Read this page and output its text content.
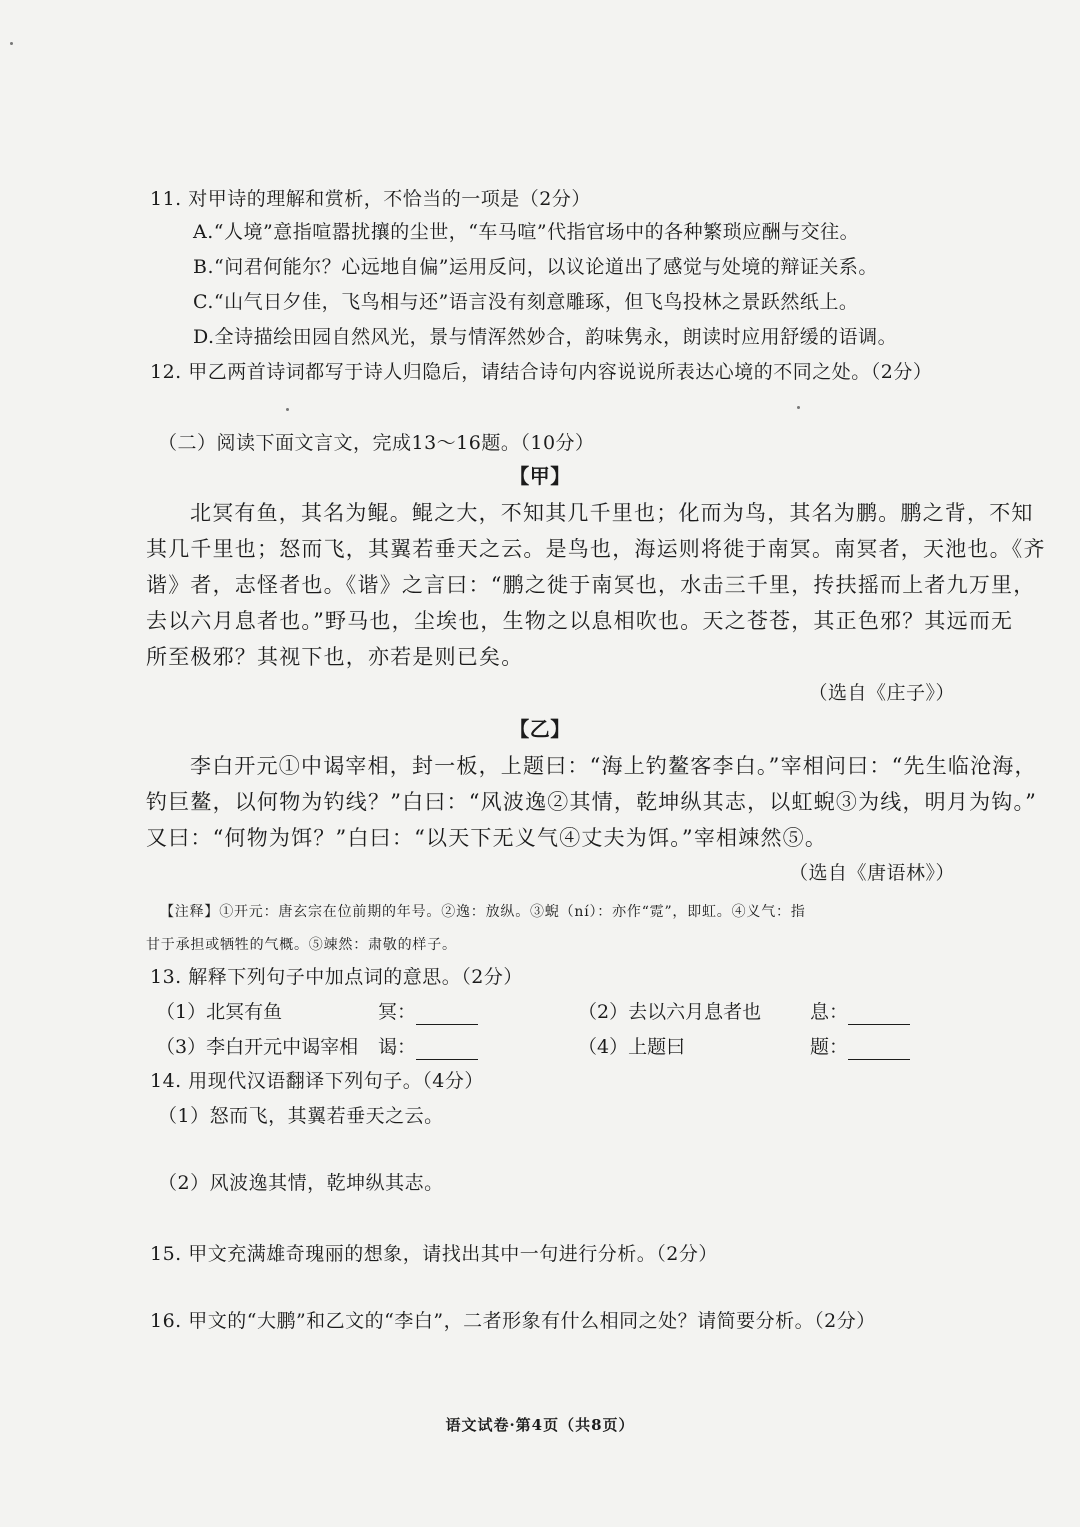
11. 对甲诗的理解和赏析，不恰当的一项是（2分）
A.“人境”意指喧嚣扰攘的尘世，“车马喧”代指官场中的各种繁琐应酬与交往。
B.“问君何能尔？心远地自偏”运用反问，以议论道出了感觉与处境的辩证关系。
C.“山气日夕佳，飞鸟相与还”语言没有刻意雕琢，但飞鸟投林之景跃然纸上。
D.全诗描绘田园自然风光，景与情浑然妙合，韵味隽永，朗读时应用舒缓的语调。
12. 甲乙两首诗词都写于诗人归隐后，请结合诗句内容说说所表达心境的不同之处。（2分）
（二）阅读下面文言文，完成13～16题。（10分）
【甲】
北冥有鱼，其名为鲲。鲲之大，不知其几千里也；化而为鸟，其名为鹏。鹏之背，不知
其几千里也；怒而飞，其翼若垂天之云。是鸟也，海运则将徙于南冥。南冥者，天池也。《齐
谐》者，志怪者也。《谐》之言曰：“鹏之徙于南冥也，水击三千里，抟扶摇而上者九万里，
去以六月息者也。”野马也，尘埃也，生物之以息相吹也。天之苍苍，其正色邪？其远而无
所至极邪？其视下也，亦若是则已矣。
（选自《庄子》）
【乙】
李白开元①中谒宰相，封一板，上题曰：“海上钓鳌客李白。”宰相问曰：“先生临沧海，
钓巨鳌，以何物为钓线？”白曰：“风波逸②其情，乾坤纵其志，以虹蜺③为线，明月为钩。”
又曰：“何物为饵？”白曰：“以天下无义气④丈夫为饵。”宰相竦然⑤。
（选自《唐语林》）
【注释】①开元：唐玄宗在位前期的年号。②逸：放纵。③蜺（ní）：亦作“霓”，即虹。④义气：指
甘于承担或牺牲的气概。⑤竦然：肃敬的样子。
13. 解释下列句子中加点词的意思。（2分）
（1）北冥有鱼	冥：	（2）去以六月息者也	息：
（3）李白开元中谒宰相 谒：	（4）上题曰	题：
14. 用现代汉语翻译下列句子。（4分）
（1）怒而飞，其翼若垂天之云。
（2）风波逸其情，乾坤纵其志。
15. 甲文充满雄奇瑰丽的想象，请找出其中一句进行分析。（2分）
16. 甲文的“大鹏”和乙文的“李白”，二者形象有什么相同之处？请简要分析。（2分）
语文试卷·第4页（共8页）
